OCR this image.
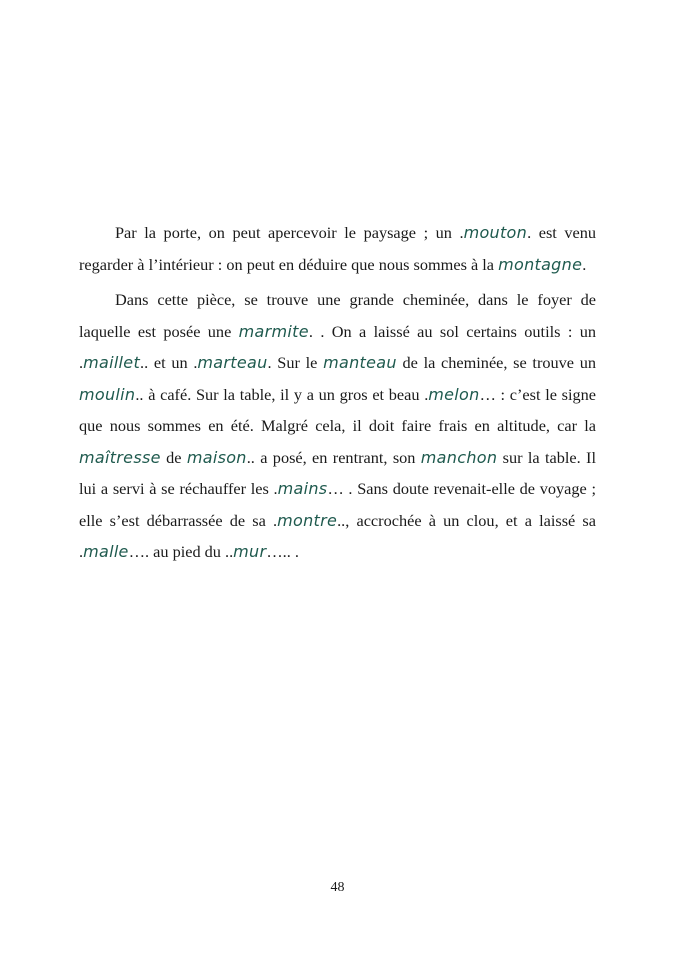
Par la porte, on peut apercevoir le paysage ; un .mouton. est venu regarder à l’intérieur : on peut en déduire que nous sommes à la montagne.

Dans cette pièce, se trouve une grande cheminée, dans le foyer de laquelle est posée une marmite. . On a laissé au sol certains outils : un .maillet.. et un .marteau. Sur le manteau de la cheminée, se trouve un moulin.. à café. Sur la table, il y a un gros et beau .melon… : c’est le signe que nous sommes en été. Malgré cela, il doit faire frais en altitude, car la maîtresse de maison.. a posé, en rentrant, son manchon sur la table. Il lui a servi à se réchauffer les .mains… . Sans doute revenait-elle de voyage ; elle s’est débarrassée de sa .montre.., accrochée à un clou, et a laissé sa .malle…. au pied du ..mur….. .

48
